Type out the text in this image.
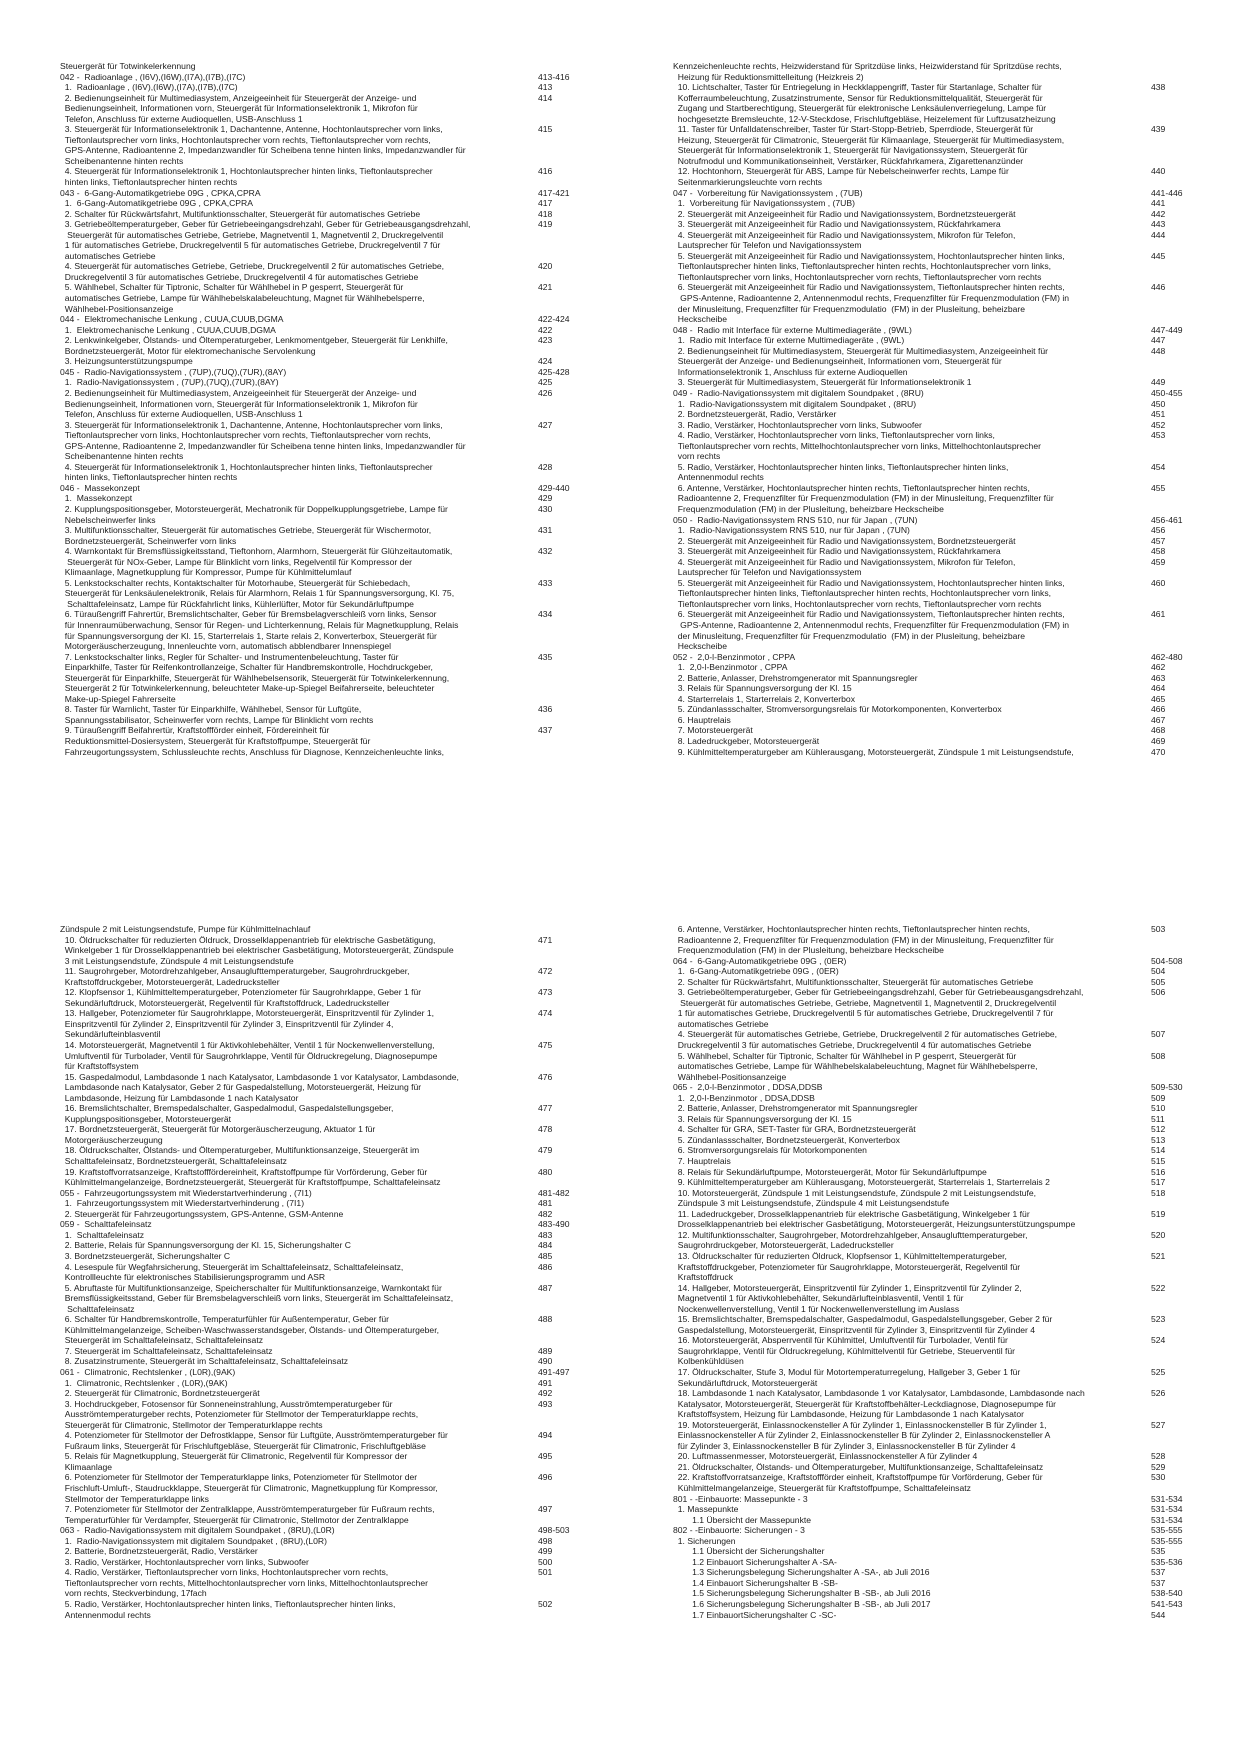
Steuergerät für Totwinkelerkennung
042 -  Radioanlage , (I6V),(I6W),(I7A),(I7B),(I7C)	413-416
1.  Radioanlage , (I6V),(I6W),(I7A),(I7B),(I7C)	413
2. Bedienungseinheit für Multimediasystem, Anzeigeeinheit für Steuergerät der Anzeige- und	414
Bedienungseinheit, Informationen vorn, Steuergerät für Informationselektronik 1, Mikrofon für
Telefon, Anschluss für externe Audioquellen, USB-Anschluss 1
3. Steuergerät für Informationselektronik 1, Dachantenne, Antenne, Hochtonlautsprecher vorn links,	415
Tieftonlautsprecher vorn links, Hochtonlautsprecher vorn rechts, Tieftonlautsprecher vorn rechts,
GPS-Antenne, Radioantenne 2, Impedanzwandler für Scheibena tenne hinten links, Impedanzwandler für
Scheibenantenne hinten rechts
4. Steuergerät für Informationselektronik 1, Hochtonlautsprecher hinten links, Tieftonlautsprecher	416
hinten links, Tieftonlautsprecher hinten rechts
043 -  6-Gang-Automatikgetriebe 09G , CPKA,CPRA	417-421
1.  6-Gang-Automatikgetriebe 09G , CPKA,CPRA	417
2. Schalter für Rückwärtsfahrt, Multifunktionsschalter, Steuergerät für automatisches Getriebe	418
3. Getriebeöltemperaturgeber, Geber für Getriebeeingangsdrehzahl, Geber für Getriebeausgangsdrehzahl,	419
Steuergerät für automatisches Getriebe, Getriebe, Magnetventil 1, Magnetventil 2, Druckregelventil
1 für automatisches Getriebe, Druckregelventil 5 für automatisches Getriebe, Druckregelventil 7 für
automatisches Getriebe
4. Steuergerät für automatisches Getriebe, Getriebe, Druckregelventil 2 für automatisches Getriebe,	420
Druckregelventil 3 für automatisches Getriebe, Druckregelventil 4 für automatisches Getriebe
5. Wählhebel, Schalter für Tiptronic, Schalter für Wählhebel in P gesperrt, Steuergerät für	421
automatisches Getriebe, Lampe für Wählhebelskalabeleuchtung, Magnet für Wählhebelsperre,
Wählhebel-Positionsanzeige
044 -  Elektromechanische Lenkung , CUUA,CUUB,DGMA	422-424
1.  Elektromechanische Lenkung , CUUA,CUUB,DGMA	422
2. Lenkwinkelgeber, Ölstands- und Öltemperaturgeber, Lenkmomentgeber, Steuergerät für Lenkhilfe,	423
Bordnetzsteuergerät, Motor für elektromechanische Servolenkung
3. Heizungsunterstützungspumpe	424
045 -  Radio-Navigationssystem , (7UP),(7UQ),(7UR),(8AY)	425-428
1.  Radio-Navigationssystem , (7UP),(7UQ),(7UR),(8AY)	425
2. Bedienungseinheit für Multimediasystem, Anzeigeeinheit für Steuergerät der Anzeige- und	426
Bedienungseinheit, Informationen vorn, Steuergerät für Informationselektronik 1, Mikrofon für
Telefon, Anschluss für externe Audioquellen, USB-Anschluss 1
3. Steuergerät für Informationselektronik 1, Dachantenne, Antenne, Hochtonlautsprecher vorn links,	427
Tieftonlautsprecher vorn links, Hochtonlautsprecher vorn rechts, Tieftonlautsprecher vorn rechts,
GPS-Antenne, Radioantenne 2, Impedanzwandler für Scheibena tenne hinten links, Impedanzwandler für
Scheibenantenne hinten rechts
4. Steuergerät für Informationselektronik 1, Hochtonlautsprecher hinten links, Tieftonlautsprecher	428
hinten links, Tieftonlautsprecher hinten rechts
046 -  Massekonzept	429-440
1.  Massekonzept	429
2. Kupplungspositionsgeber, Motorsteuergerät, Mechatronik für Doppelkupplungsgetriebe, Lampe für	430
Nebelscheinwerfer links
3. Multifunktionsschalter, Steuergerät für automatisches Getriebe, Steuergerät für Wischermotor,	431
Bordnetzsteuergerät, Scheinwerfer vorn links
4. Warnkontakt für Bremsflüssigkeitsstand, Tieftonhorn, Alarmhorn, Steuergerät für Glühzeitautomatik,	432
Steuergerät für NOx-Geber, Lampe für Blinklicht vorn links, Regelventil für Kompressor der
Klimaanlage, Magnetkupplung für Kompressor, Pumpe für Kühlmittelumlauf
5. Lenkstockschalter rechts, Kontaktschalter für Motorhaube, Steuergerät für Schiebedach,	433
Steuergerät für Lenksäulenelektronik, Relais für Alarmhorn, Relais 1 für Spannungsversorgung, Kl. 75,
Schalttafeleinsatz, Lampe für Rückfahrlicht links, Kühlerlüfter, Motor für Sekundärluftpumpe
6. Türaußengriff Fahrertür, Bremslichtschalter, Geber für Bremsbelagverschleiß vorn links, Sensor	434
für Innenraumüberwachung, Sensor für Regen- und Lichterkennung, Relais für Magnetkupplung, Relais
für Spannungsversorgung der Kl. 15, Starterrelais 1, Starte relais 2, Konverterbox, Steuergerät für
Motorgeräuscherzeugung, Innenleuchte vorn, automatisch abblendbarer Innenspiegel
7. Lenkstockschalter links, Regler für Schalter- und Instrumentenbeleuchtung, Taster für	435
Einparkhilfe, Taster für Reifenkontrollanzeige, Schalter für Handbremskontrolle, Hochdruckgeber,
Steuergerät für Einparkhilfe, Steuergerät für Wählhebelsensorik, Steuergerät für Totwinkelerkennung,
Steuergerät 2 für Totwinkelerkennung, beleuchteter Make-up-Spiegel Beifahrerseite, beleuchteter
Make-up-Spiegel Fahrerseite
8. Taster für Warnlicht, Taster für Einparkhilfe, Wählhebel, Sensor für Luftgüte,	436
Spannungsstabilisator, Scheinwerfer vorn rechts, Lampe für Blinklicht vorn rechts
9. Türaußengriff Beifahrertür, Kraftstoffförder einheit, Fördereinheit für	437
Reduktionsmittel-Dosiersystem, Steuergerät für Kraftstoffpumpe, Steuergerät für
Fahrzeugortungssystem, Schlussleuchte rechts, Anschluss für Diagnose, Kennzeichenleuchte links,
Kennzeichenleuchte rechts, Heizwiderstand für Spritzdüse links, Heizwiderstand für Spritzdüse rechts,
Heizung für Reduktionsmittelleitung (Heizkreis 2)
10. Lichtschalter, Taster für Entriegelung in Heckklappengriff, Taster für Startanlage, Schalter für	438
Kofferraumbeleuchtung, Zusatzinstrumente, Sensor für Reduktionsmittelqualität, Steuergerät für
Zugang und Startberechtigung, Steuergerät für elektronische Lenksäulenverriegelung, Lampe für
hochgesetzte Bremsleuchte, 12-V-Steckdose, Frischluftgebläse, Heizelement für Luftzusatzheizung
11. Taster für Unfalldatenschreiber, Taster für Start-Stopp-Betrieb, Sperrdiode, Steuergerät für	439
Heizung, Steuergerät für Climatronic, Steuergerät für Klimaanlage, Steuergerät für Multimediasystem,
Steuergerät für Informationselektronik 1, Steuergerät für Navigationssystem, Steuergerät für
Notrufmodul und Kommunikationseinheit, Verstärker, Rückfahrkamera, Zigarettenanzünder
12. Hochtonhorn, Steuergerät für ABS, Lampe für Nebelscheinwerfer rechts, Lampe für	440
Seitenmarkierungsleuchte vorn rechts
047 -  Vorbereitung für Navigationssystem , (7UB)	441-446
1.  Vorbereitung für Navigationssystem , (7UB)	441
2. Steuergerät mit Anzeigeeinheit für Radio und Navigationssystem, Bordnetzsteuergerät	442
3. Steuergerät mit Anzeigeeinheit für Radio und Navigationssystem, Rückfahrkamera	443
4. Steuergerät mit Anzeigeeinheit für Radio und Navigationssystem, Mikrofon für Telefon,	444
Lautsprecher für Telefon und Navigationssystem
5. Steuergerät mit Anzeigeeinheit für Radio und Navigationssystem, Hochtonlautsprecher hinten links,	445
Tieftonlautsprecher hinten links, Tieftonlautsprecher hinten rechts, Hochtonlautsprecher vorn links,
Tieftonlautsprecher vorn links, Hochtonlautsprecher vorn rechts, Tieftonlautsprecher vorn rechts
6. Steuergerät mit Anzeigeeinheit für Radio und Navigationssystem, Tieftonlautsprecher hinten rechts,	446
GPS-Antenne, Radioantenne 2, Antennenmodul rechts, Frequenzfilter für Frequenzmodulation (FM) in
der Minusleitung, Frequenzfilter für Frequenzmodulatio  (FM) in der Plusleitung, beheizbare
Heckscheibe
048 -  Radio mit Interface für externe Multimediageräte , (9WL)	447-449
1.  Radio mit Interface für externe Multimediageräte , (9WL)	447
2. Bedienungseinheit für Multimediasystem, Steuergerät für Multimediasystem, Anzeigeeinheit für	448
Steuergerät der Anzeige- und Bedienungseinheit, Informationen vorn, Steuergerät für
Informationselektronik 1, Anschluss für externe Audioquellen
3. Steuergerät für Multimediasystem, Steuergerät für Informationselektronik 1	449
049 -  Radio-Navigationssystem mit digitalem Soundpaket , (8RU)	450-455
1.  Radio-Navigationssystem mit digitalem Soundpaket , (8RU)	450
2. Bordnetzsteuergerät, Radio, Verstärker	451
3. Radio, Verstärker, Hochtonlautsprecher vorn links, Subwoofer	452
4. Radio, Verstärker, Hochtonlautsprecher vorn links, Tieftonlautsprecher vorn links,	453
Tieftonlautsprecher vorn rechts, Mittelhochtonlautsprecher vorn links, Mittelhochtonlautsprecher
vorn rechts
5. Radio, Verstärker, Hochtonlautsprecher hinten links, Tieftonlautsprecher hinten links,	454
Antennenmodul rechts
6. Antenne, Verstärker, Hochtonlautsprecher hinten rechts, Tieftonlautsprecher hinten rechts,	455
Radioantenne 2, Frequenzfilter für Frequenzmodulation (FM) in der Minusleitung, Frequenzfilter für
Frequenzmodulation (FM) in der Plusleitung, beheizbare Heckscheibe
050 -  Radio-Navigationssystem RNS 510, nur für Japan , (7UN)	456-461
1.  Radio-Navigationssystem RNS 510, nur für Japan , (7UN)	456
2. Steuergerät mit Anzeigeeinheit für Radio und Navigationssystem, Bordnetzsteuergerät	457
3. Steuergerät mit Anzeigeeinheit für Radio und Navigationssystem, Rückfahrkamera	458
4. Steuergerät mit Anzeigeeinheit für Radio und Navigationssystem, Mikrofon für Telefon,	459
Lautsprecher für Telefon und Navigationssystem
5. Steuergerät mit Anzeigeeinheit für Radio und Navigationssystem, Hochtonlautsprecher hinten links,	460
Tieftonlautsprecher hinten links, Tieftonlautsprecher hinten rechts, Hochtonlautsprecher vorn links,
Tieftonlautsprecher vorn links, Hochtonlautsprecher vorn rechts, Tieftonlautsprecher vorn rechts
6. Steuergerät mit Anzeigeeinheit für Radio und Navigationssystem, Tieftonlautsprecher hinten rechts,	461
GPS-Antenne, Radioantenne 2, Antennenmodul rechts, Frequenzfilter für Frequenzmodulation (FM) in
der Minusleitung, Frequenzfilter für Frequenzmodulatio  (FM) in der Plusleitung, beheizbare
Heckscheibe
052 -  2,0-l-Benzinmotor , CPPA	462-480
1.  2,0-l-Benzinmotor , CPPA	462
2. Batterie, Anlasser, Drehstromgenerator mit Spannungsregler	463
3. Relais für Spannungsversorgung der Kl. 15	464
4. Starterrelais 1, Starterrelais 2, Konverterbox	465
5. Zündanlassschalter, Stromversorgungsrelais für Motorkomponenten, Konverterbox	466
6. Hauptrelais	467
7. Motorsteuergerät	468
8. Ladedruckgeber, Motorsteuergerät	469
9. Kühlmitteltemperaturgeber am Kühlerausgang, Motorsteuergerät, Zündspule 1 mit Leistungsendstufe,	470
Zündspule 2 mit Leistungsendstufe, Pumpe für Kühlmittelnachlauf
10. Öldruckschalter für reduzierten Öldruck, Drosselklappenantrieb für elektrische Gasbetätigung,	471
Winkelgeber 1 für Drosselklappenantrieb bei elektrischer Gasbetätigung, Motorsteuergerät, Zündspule
3 mit Leistungsendstufe, Zündspule 4 mit Leistungsendstufe
11. Saugrohrgeber, Motordrehzahlgeber, Ansauglufttemperaturgeber, Saugrohrdruckgeber,	472
Kraftstoffdruckgeber, Motorsteuergerät, Ladedrucksteller
12. Klopfsensor 1, Kühlmitteltemperaturgeber, Potenziometer für Saugrohrklappe, Geber 1 für	473
Sekundärluftdruck, Motorsteuergerät, Regelventil für Kraftstoffdruck, Ladedrucksteller
13. Hallgeber, Potenziometer für Saugrohrklappe, Motorsteuergerät, Einspritzventil für Zylinder 1,	474
Einspritzventil für Zylinder 2, Einspritzventil für Zylinder 3, Einspritzventil für Zylinder 4,
Sekundärlufteinblasventil
14. Motorsteuergerät, Magnetventil 1 für Aktivkohlebehälter, Ventil 1 für Nockenwellenverstellung,	475
Umluftventil für Turbolader, Ventil für Saugrohrklappe, Ventil für Öldruckregelung, Diagnosepumpe
für Kraftstoffsystem
15. Gaspedalmodul, Lambdasonde 1 nach Katalysator, Lambdasonde 1 vor Katalysator, Lambdasonde,	476
Lambdasonde nach Katalysator, Geber 2 für Gaspedalstellung, Motorsteuergerät, Heizung für
Lambdasonde, Heizung für Lambdasonde 1 nach Katalysator
16. Bremslichtschalter, Bremspedalschalter, Gaspedalmodul, Gaspedalstellungsgeber,	477
Kupplungspositionsgeber, Motorsteuergerät
17. Bordnetzsteuergerät, Steuergerät für Motorgeräuscherzeugung, Aktuator 1 für	478
Motorgeräuscherzeugung
18. Öldruckschalter, Ölstands- und Öltemperaturgeber, Multifunktionsanzeige, Steuergerät im	479
Schalttafeleinsatz, Bordnetzsteuergerät, Schalttafeleinsatz
19. Kraftstoffvorratsanzeige, Kraftstofffördereinheit, Kraftstoffpumpe für Vorförderung, Geber für	480
Kühlmittelmangelanzeige, Bordnetzsteuergerät, Steuergerät für Kraftstoffpumpe, Schalttafeleinsatz
055 -  Fahrzeugortungssystem mit Wiederstartverhinderung , (7I1)	481-482
1.  Fahrzeugortungssystem mit Wiederstartverhinderung , (7I1)	481
2. Steuergerät für Fahrzeugortungssystem, GPS-Antenne, GSM-Antenne	482
059 -  Schalttafeleinsatz	483-490
1.  Schalttafeleinsatz	483
2. Batterie, Relais für Spannungsversorgung der Kl. 15, Sicherungshalter C	484
3. Bordnetzsteuergerät, Sicherungshalter C	485
4. Lesespule für Wegfahrsicherung, Steuergerät im Schalttafeleinsatz, Schalttafeleinsatz,	486
Kontrollleuchte für elektronisches Stabilisierungsprogramm und ASR
5. Abruftaste für Multifunktionsanzeige, Speicherschalter für Multifunktionsanzeige, Warnkontakt für	487
Bremsflüssigkeitsstand, Geber für Bremsbelagverschleiß vorn links, Steuergerät im Schalttafeleinsatz,
Schalttafeleinsatz
6. Schalter für Handbremskontrolle, Temperaturfühler für Außentemperatur, Geber für	488
Kühlmittelmangelanzeige, Scheiben-Waschwasserstandsgeber, Ölstands- und Öltemperaturgeber,
Steuergerät im Schalttafeleinsatz, Schalttafeleinsatz
7. Steuergerät im Schalttafeleinsatz, Schalttafeleinsatz	489
8. Zusatzinstrumente, Steuergerät im Schalttafeleinsatz, Schalttafeleinsatz	490
061 -  Climatronic, Rechtslenker , (L0R),(9AK)	491-497
1.  Climatronic, Rechtslenker , (L0R),(9AK)	491
2. Steuergerät für Climatronic, Bordnetzsteuergerät	492
3. Hochdruckgeber, Fotosensor für Sonneneinstrahlung, Ausströmtemperaturgeber für	493
Ausströmtemperaturgeber rechts, Potenziometer für Stellmotor der Temperaturklappe rechts,
Steuergerät für Climatronic, Stellmotor der Temperaturklappe rechts
4. Potenziometer für Stellmotor der Defrostklappe, Sensor für Luftgüte, Ausströmtemperaturgeber für	494
Fußraum links, Steuergerät für Frischluftgebläse, Steuergerät für Climatronic, Frischluftgebläse
5. Relais für Magnetkupplung, Steuergerät für Climatronic, Regelventil für Kompressor der	495
Klimaanlage
6. Potenziometer für Stellmotor der Temperaturklappe links, Potenziometer für Stellmotor der	496
Frischluft-Umluft-, Staudruckklappe, Steuergerät für Climatronic, Magnetkupplung für Kompressor,
Stellmotor der Temperaturklappe links
7. Potenziometer für Stellmotor der Zentralklappe, Ausströmtemperaturgeber für Fußraum rechts,	497
Temperaturfühler für Verdampfer, Steuergerät für Climatronic, Stellmotor der Zentralklappe
063 -  Radio-Navigationssystem mit digitalem Soundpaket , (8RU),(L0R)	498-503
1.  Radio-Navigationssystem mit digitalem Soundpaket , (8RU),(L0R)	498
2. Batterie, Bordnetzsteuergerät, Radio, Verstärker	499
3. Radio, Verstärker, Hochtonlautsprecher vorn links, Subwoofer	500
4. Radio, Verstärker, Tieftonlautsprecher vorn links, Hochtonlautsprecher vorn rechts,	501
Tieftonlautsprecher vorn rechts, Mittelhochtonlautsprecher vorn links, Mittelhochtonlautsprecher
vorn rechts, Steckverbindung, 17fach
5. Radio, Verstärker, Hochtonlautsprecher hinten links, Tieftonlautsprecher hinten links,	502
Antennenmodul rechts
6. Antenne, Verstärker, Hochtonlautsprecher hinten rechts, Tieftonlautsprecher hinten rechts,	503
Radioantenne 2, Frequenzfilter für Frequenzmodulation (FM) in der Minusleitung, Frequenzfilter für
Frequenzmodulation (FM) in der Plusleitung, beheizbare Heckscheibe
064 -  6-Gang-Automatikgetriebe 09G , (0ER)	504-508
1.  6-Gang-Automatikgetriebe 09G , (0ER)	504
2. Schalter für Rückwärtsfahrt, Multifunktionsschalter, Steuergerät für automatisches Getriebe	505
3. Getriebeöltemperaturgeber, Geber für Getriebeeingangsdrehzahl, Geber für Getriebeausgangsdrehzahl,	506
Steuergerät für automatisches Getriebe, Getriebe, Magnetventil 1, Magnetventil 2, Druckregelventil
1 für automatisches Getriebe, Druckregelventil 5 für automatisches Getriebe, Druckregelventil 7 für
automatisches Getriebe
4. Steuergerät für automatisches Getriebe, Getriebe, Druckregelventil 2 für automatisches Getriebe,	507
Druckregelventil 3 für automatisches Getriebe, Druckregelventil 4 für automatisches Getriebe
5. Wählhebel, Schalter für Tiptronic, Schalter für Wählhebel in P gesperrt, Steuergerät für	508
automatisches Getriebe, Lampe für Wählhebelskalabeleuchtung, Magnet für Wählhebelsperre,
Wählhebel-Positionsanzeige
065 -  2,0-l-Benzinmotor , DDSA,DDSB	509-530
1.  2,0-l-Benzinmotor , DDSA,DDSB	509
2. Batterie, Anlasser, Drehstromgenerator mit Spannungsregler	510
3. Relais für Spannungsversorgung der Kl. 15	511
4. Schalter für GRA, SET-Taster für GRA, Bordnetzsteuergerät	512
5. Zündanlassschalter, Bordnetzsteuergerät, Konverterbox	513
6. Stromversorgungsrelais für Motorkomponenten	514
7. Hauptrelais	515
8. Relais für Sekundärluftpumpe, Motorsteuergerät, Motor für Sekundärluftpumpe	516
9. Kühlmitteltemperaturgeber am Kühlerausgang, Motorsteuergerät, Starterrelais 1, Starterrelais 2	517
10. Motorsteuergerät, Zündspule 1 mit Leistungsendstufe, Zündspule 2 mit Leistungsendstufe,	518
Zündspule 3 mit Leistungsendstufe, Zündspule 4 mit Leistungsendstufe
11. Ladedruckgeber, Drosselklappenantrieb für elektrische Gasbetätigung, Winkelgeber 1 für	519
Drosselklappenantrieb bei elektrischer Gasbetätigung, Motorsteuergerät, Heizungsunterstützungspumpe
12. Multifunktionsschalter, Saugrohrgeber, Motordrehzahlgeber, Ansauglufttemperaturgeber,	520
Saugrohrdruckgeber, Motorsteuergerät, Ladedrucksteller
13. Öldruckschalter für reduzierten Öldruck, Klopfsensor 1, Kühlmitteltemperaturgeber,	521
Kraftstoffdruckgeber, Potenziometer für Saugrohrklappe, Motorsteuergerät, Regelventil für
Kraftstoffdruck
14. Hallgeber, Motorsteuergerät, Einspritzventil für Zylinder 1, Einspritzventil für Zylinder 2,	522
Magnetventil 1 für Aktivkohlebehälter, Sekundärlufteinblasventil, Ventil 1 für
Nockenwellenverstellung, Ventil 1 für Nockenwellenverstellung im Auslass
15. Bremslichtschalter, Bremspedalschalter, Gaspedalmodul, Gaspedalstellungsgeber, Geber 2 für	523
Gaspedalstellung, Motorsteuergerät, Einspritzventil für Zylinder 3, Einspritzventil für Zylinder 4
16. Motorsteuergerät, Absperrventil für Kühlmittel, Umluftventil für Turbolader, Ventil für	524
Saugrohrklappe, Ventil für Öldruckregelung, Kühlmittelventil für Getriebe, Steuerventil für
Kolbenkühldüsen
17. Öldruckschalter, Stufe 3, Modul für Motortemperaturregelung, Hallgeber 3, Geber 1 für	525
Sekundärluftdruck, Motorsteuergerät
18. Lambdasonde 1 nach Katalysator, Lambdasonde 1 vor Katalysator, Lambdasonde, Lambdasonde nach	526
Katalysator, Motorsteuergerät, Steuergerät für Kraftstoffbehälter-Leckdiagnose, Diagnosepumpe für
Kraftstoffsystem, Heizung für Lambdasonde, Heizung für Lambdasonde 1 nach Katalysator
19. Motorsteuergerät, Einlassnockensteller A für Zylinder 1, Einlassnockensteller B für Zylinder 1,	527
Einlassnockensteller A für Zylinder 2, Einlassnockensteller B für Zylinder 2, Einlassnockensteller A
für Zylinder 3, Einlassnockensteller B für Zylinder 3, Einlassnockensteller B für Zylinder 4
20. Luftmassenmesser, Motorsteuergerät, Einlassnockensteller A für Zylinder 4	528
21. Öldruckschalter, Ölstands- und Öltemperaturgeber, Multifunktionsanzeige, Schalttafeleinsatz	529
22. Kraftstoffvorratsanzeige, Kraftstoffförder einheit, Kraftstoffpumpe für Vorförderung, Geber für	530
Kühlmittelmangelanzeige, Steuergerät für Kraftstoffpumpe, Schalttafeleinsatz
801 - -Einbauorte: Massepunkte - 3	531-534
1. Massepunkte	531-534
1.1 Übersicht der Massepunkte	531-534
802 - -Einbauorte: Sicherungen - 3	535-555
1. Sicherungen	535-555
1.1 Übersicht der Sicherungshalter	535
1.2 Einbauort Sicherungshalter A -SA-	535-536
1.3 Sicherungsbelegung Sicherungshalter A -SA-, ab Juli 2016	537
1.4 Einbauort Sicherungshalter B -SB-	537
1.5 Sicherungsbelegung Sicherungshalter B -SB-, ab Juli 2016	538-540
1.6 Sicherungsbelegung Sicherungshalter B -SB-, ab Juli 2017	541-543
1.7 EinbauortSicherungshalter C -SC-	544
